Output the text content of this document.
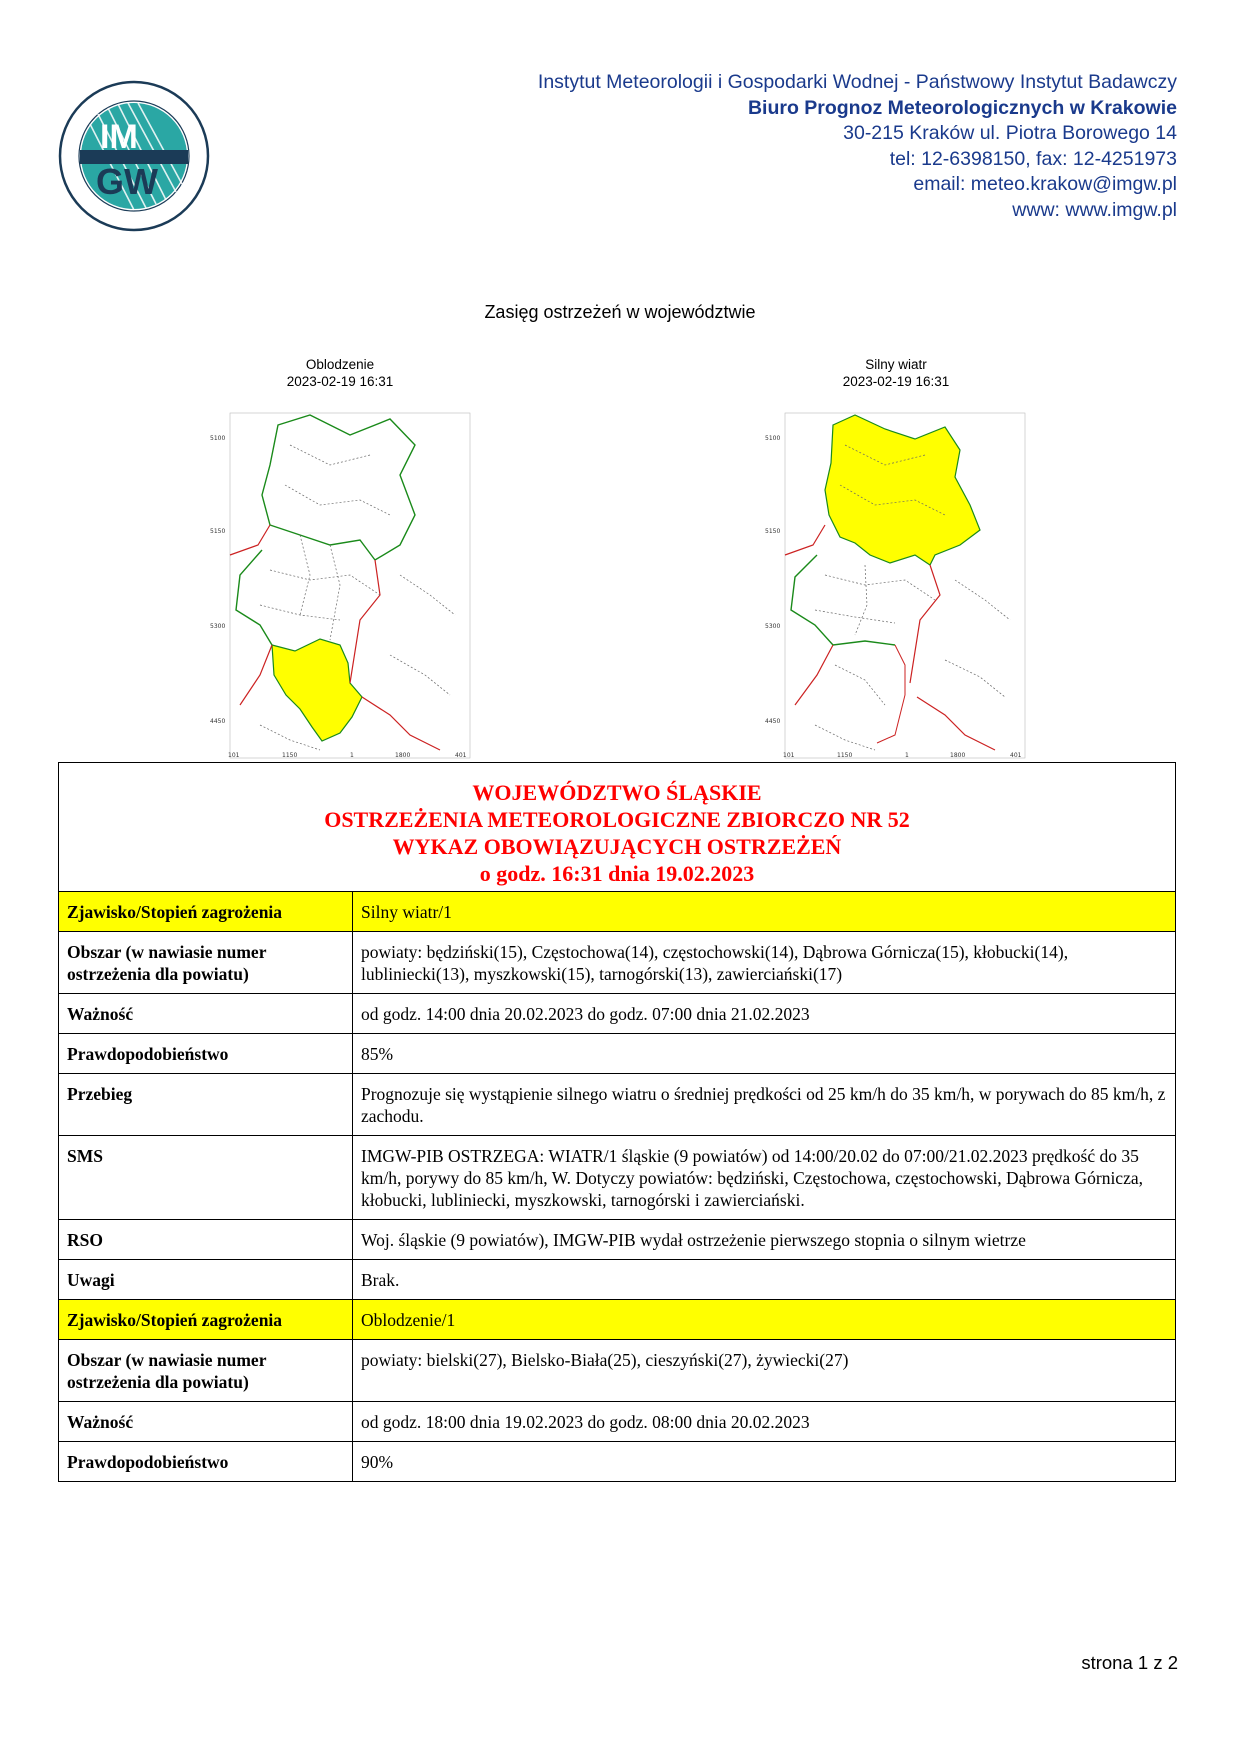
IM
GW
Instytut Meteorologii i Gospodarki Wodnej - Państwowy Instytut Badawczy
Biuro Prognoz Meteorologicznych w Krakowie
30-215 Kraków ul. Piotra Borowego 14
tel: 12-6398150, fax: 12-4251973
email: meteo.krakow@imgw.pl
www: www.imgw.pl
Zasięg ostrzeżeń w województwie
Oblodzenie
2023-02-19 16:31
5100
5150
5300
4450
101	1150	1	1800	401
Silny wiatr
2023-02-19 16:31
5100
5150
5300
4450
101	1150	1	1800	401
WOJEWÓDZTWO ŚLĄSKIE
OSTRZEŻENIA METEOROLOGICZNE ZBIORCZO NR 52
WYKAZ OBOWIĄZUJĄCYCH OSTRZEŻEŃ
o godz. 16:31 dnia 19.02.2023	

Zjawisko/Stopień zagrożenia	Silny wiatr/1
Obszar (w nawiasie numer ostrzeżenia dla powiatu)	powiaty: będziński(15), Częstochowa(14), częstochowski(14), Dąbrowa Górnicza(15), kłobucki(14), lubliniecki(13), myszkowski(15), tarnogórski(13), zawierciański(17)
Ważność	od godz. 14:00 dnia 20.02.2023 do godz. 07:00 dnia 21.02.2023
Prawdopodobieństwo	85%
Przebieg	Prognozuje się wystąpienie silnego wiatru o średniej prędkości od 25 km/h do 35 km/h, w porywach do 85 km/h, z zachodu.
SMS	IMGW-PIB OSTRZEGA: WIATR/1 śląskie (9 powiatów) od 14:00/20.02 do 07:00/21.02.2023 prędkość do 35 km/h, porywy do 85 km/h, W. Dotyczy powiatów: będziński, Częstochowa, częstochowski, Dąbrowa Górnicza, kłobucki, lubliniecki, myszkowski, tarnogórski i zawierciański.
RSO	Woj. śląskie (9 powiatów), IMGW-PIB wydał ostrzeżenie pierwszego stopnia o silnym wietrze
Uwagi	Brak.
Zjawisko/Stopień zagrożenia	Oblodzenie/1
Obszar (w nawiasie numer ostrzeżenia dla powiatu)	powiaty: bielski(27), Bielsko-Biała(25), cieszyński(27), żywiecki(27)
Ważność	od godz. 18:00 dnia 19.02.2023 do godz. 08:00 dnia 20.02.2023
Prawdopodobieństwo	90%
strona 1 z 2
